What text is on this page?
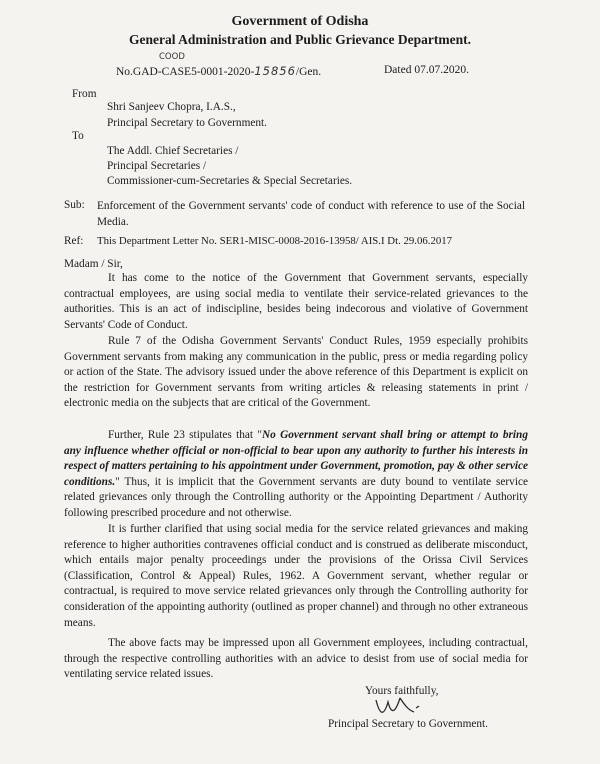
Government of Odisha
General Administration and Public Grievance Department.
COOD
No.GAD-CASE5-0001-2020-15856/Gen.	Dated 07.07.2020.
From
Shri Sanjeev Chopra, I.A.S.,
Principal Secretary to Government.
To
The Addl. Chief Secretaries /
Principal Secretaries /
Commissioner-cum-Secretaries & Special Secretaries.
Sub: Enforcement of the Government servants' code of conduct with reference to use of the Social Media.
Ref: This Department Letter No. SER1-MISC-0008-2016-13958/ AIS.I Dt. 29.06.2017
Madam / Sir,
It has come to the notice of the Government that Government servants, especially contractual employees, are using social media to ventilate their service-related grievances to the authorities. This is an act of indiscipline, besides being indecorous and violative of Government Servants' Code of Conduct.
Rule 7 of the Odisha Government Servants' Conduct Rules, 1959 especially prohibits Government servants from making any communication in the public, press or media regarding policy or action of the State. The advisory issued under the above reference of this Department is explicit on the restriction for Government servants from writing articles & releasing statements in print / electronic media on the subjects that are critical of the Government.
Further, Rule 23 stipulates that "No Government servant shall bring or attempt to bring any influence whether official or non-official to bear upon any authority to further his interests in respect of matters pertaining to his appointment under Government, promotion, pay & other service conditions." Thus, it is implicit that the Government servants are duty bound to ventilate service related grievances only through the Controlling authority or the Appointing Department / Authority following prescribed procedure and not otherwise.
It is further clarified that using social media for the service related grievances and making reference to higher authorities contravenes official conduct and is construed as deliberate misconduct, which entails major penalty proceedings under the provisions of the Orissa Civil Services (Classification, Control & Appeal) Rules, 1962. A Government servant, whether regular or contractual, is required to move service related grievances only through the Controlling authority for consideration of the appointing authority (outlined as proper channel) and through no other extraneous means.
The above facts may be impressed upon all Government employees, including contractual, through the respective controlling authorities with an advice to desist from use of social media for ventilating service related issues.
Yours faithfully,
Principal Secretary to Government.
